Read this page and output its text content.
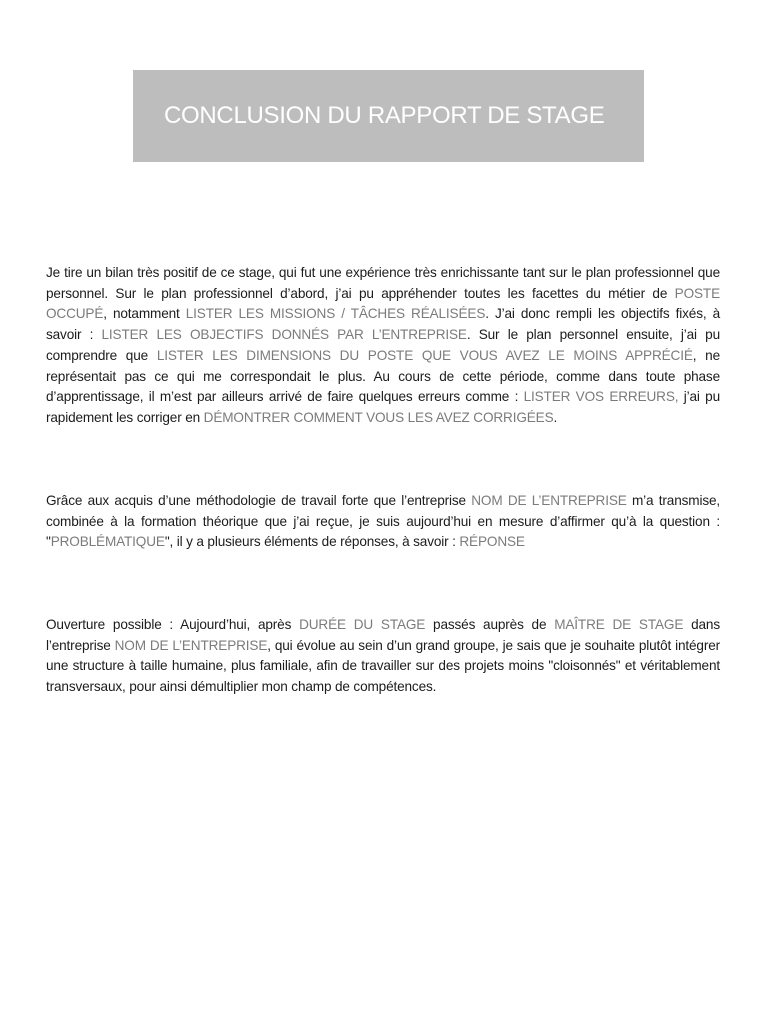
CONCLUSION DU RAPPORT DE STAGE

Je tire un bilan très positif de ce stage, qui fut une expérience très enrichissante tant sur le plan professionnel que personnel. Sur le plan professionnel d’abord, j’ai pu appréhender toutes les facettes du métier de POSTE OCCUPÉ, notamment LISTER LES MISSIONS / TÂCHES RÉALISÉES. J’ai donc rempli les objectifs fixés, à savoir : LISTER LES OBJECTIFS DONNÉS PAR L’ENTREPRISE. Sur le plan personnel ensuite, j’ai pu comprendre que LISTER LES DIMENSIONS DU POSTE QUE VOUS AVEZ LE MOINS APPRÉCIÉ, ne représentait pas ce qui me correspondait le plus. Au cours de cette période, comme dans toute phase d’apprentissage, il m’est par ailleurs arrivé de faire quelques erreurs comme : LISTER VOS ERREURS, j’ai pu rapidement les corriger en DÉMONTRER COMMENT VOUS LES AVEZ CORRIGÉES.

Grâce aux acquis d’une méthodologie de travail forte que l’entreprise NOM DE L’ENTREPRISE m’a transmise, combinée à la formation théorique que j’ai reçue, je suis aujourd’hui en mesure d’affirmer qu’à la question : "PROBLÉMATIQUE", il y a plusieurs éléments de réponses, à savoir : RÉPONSE

Ouverture possible : Aujourd’hui, après DURÉE DU STAGE passés auprès de MAÎTRE DE STAGE dans l’entreprise NOM DE L’ENTREPRISE, qui évolue au sein d’un grand groupe, je sais que je souhaite plutôt intégrer une structure à taille humaine, plus familiale, afin de travailler sur des projets moins "cloisonnés" et véritablement transversaux, pour ainsi démultiplier mon champ de compétences.
